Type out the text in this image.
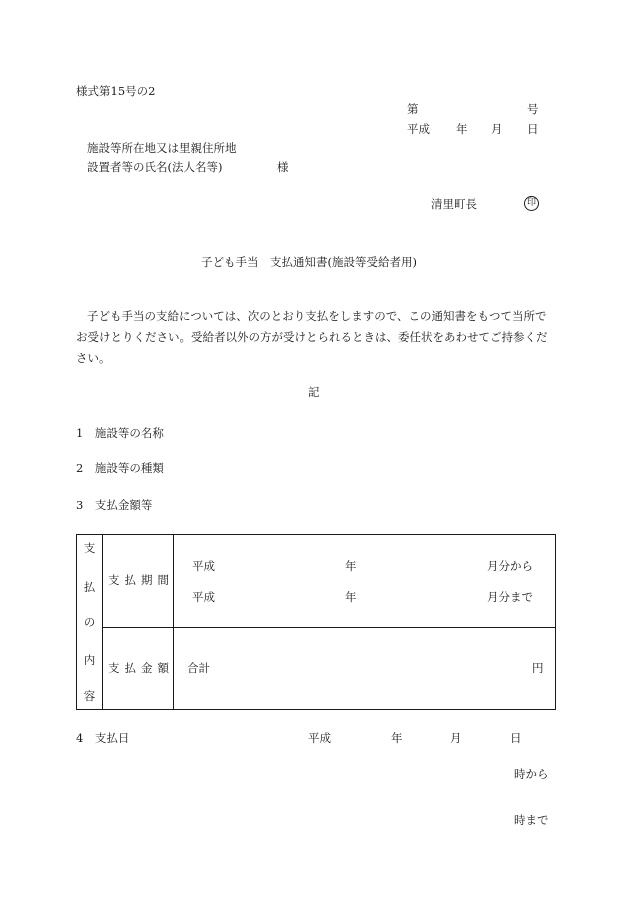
様式第15号の2
第	号
平成 年 月 日
施設等所在地又は里親住所地
設置者等の氏名(法人名等)	様
清里町長	印
子ども手当　支払通知書(施設等受給者用)
子ども手当の支給については、次のとおり支払をしますので、この通知書をもつて当所でお受けとりください。受給者以外の方が受けとられるときは、委任状をあわせてご持参ください。
記
1　施設等の名称
2　施設等の種類
3　支払金額等
支
払
の
内
容
支払期間
平成	年	月分から
平成	年	月分まで
支払金額 合計	円
4　支払日	平成	年	月	日
時から
時まで
